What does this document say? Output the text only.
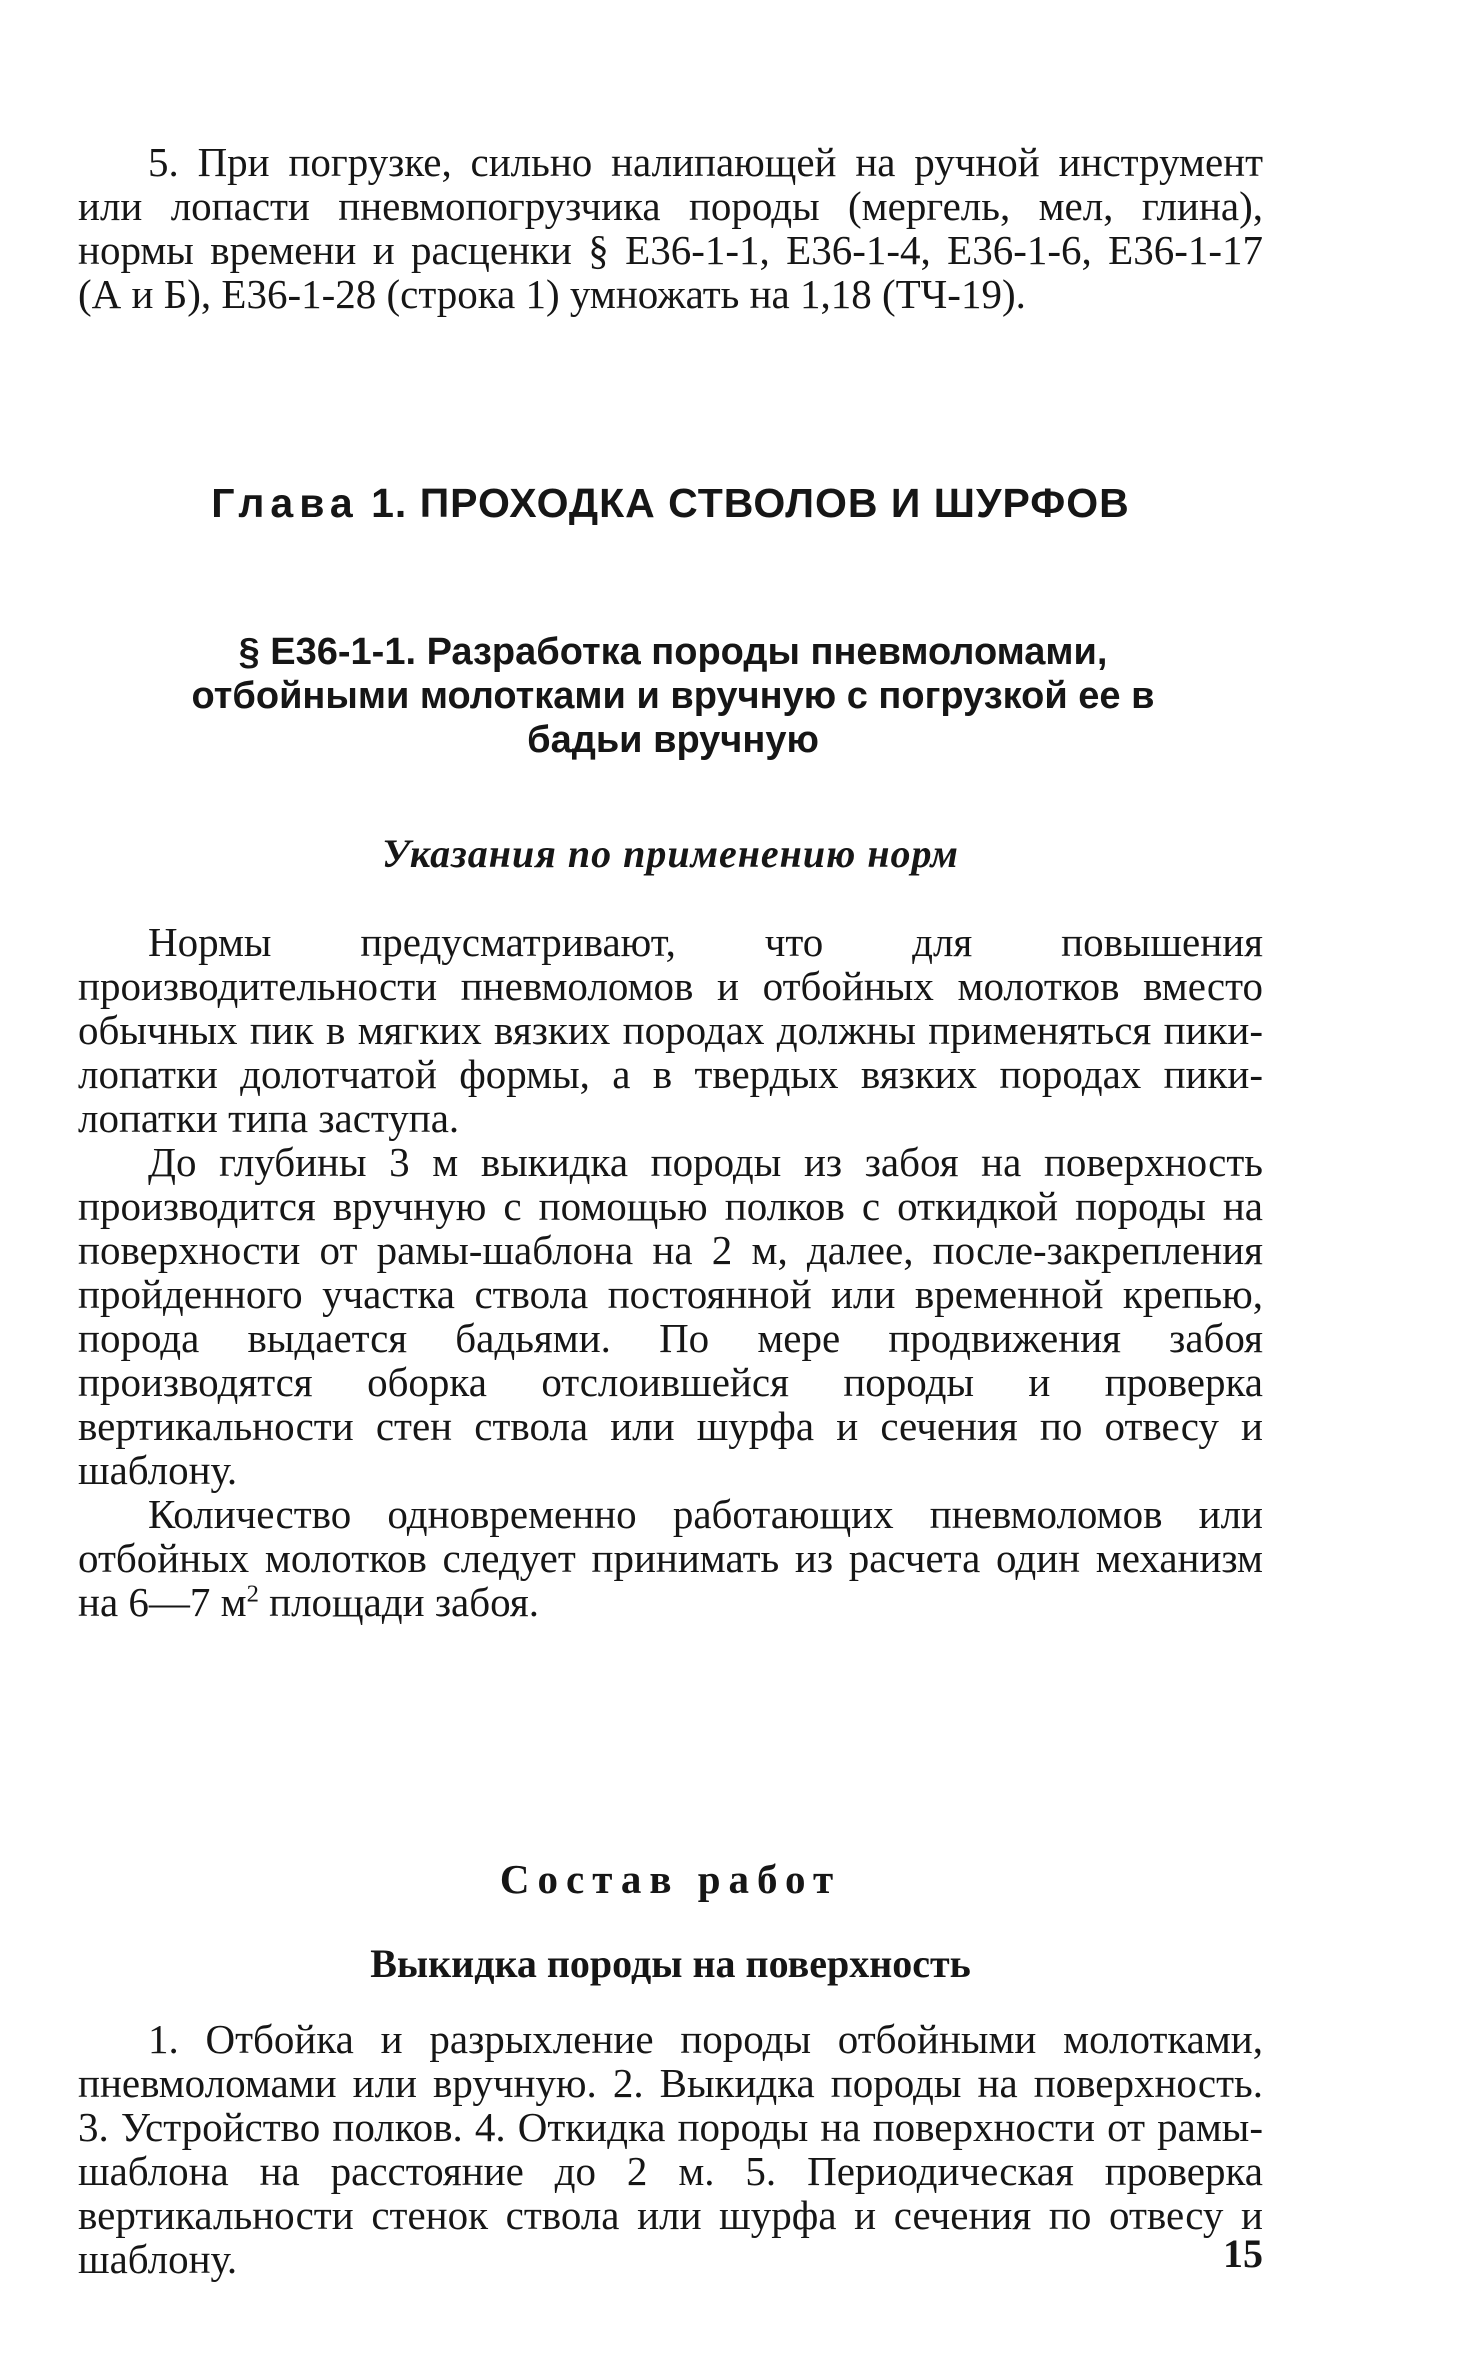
5. При погрузке, сильно налипающей на ручной инструмент или лопасти пневмопогрузчика породы (мергель, мел, глина), нормы времени и расценки § Е36-1-1, Е36-1-4, Е36-1-6, Е36-1-17 (А и Б), Е36-1-28 (строка 1) умножать на 1,18 (ТЧ-19).

Глава 1. ПРОХОДКА СТВОЛОВ И ШУРФОВ
§ Е36-1-1. Разработка породы пневмоломами, отбойными молотками и вручную с погрузкой ее в бадьи вручную
Указания по применению норм

Нормы предусматривают, что для повышения производительности пневмоломов и отбойных молотков вместо обычных пик в мягких вязких породах должны применяться пики-лопатки долотчатой формы, а в твердых вязких породах пики-лопатки типа заступа.

До глубины 3 м выкидка породы из забоя на поверхность производится вручную с помощью полков с откидкой породы на поверхности от рамы-шаблона на 2 м, далее, после-закрепления пройденного участка ствола постоянной или временной крепью, порода выдается бадьями. По мере продвижения забоя производятся оборка отслоившейся породы и проверка вертикальности стен ствола или шурфа и сечения по отвесу и шаблону.

Количество одновременно работающих пневмоломов или отбойных молотков следует принимать из расчета один механизм на 6—7 $м^2$ площади забоя.

Состав работ
Выкидка породы на поверхность

1. Отбойка и разрыхление породы отбойными молотками, пневмоломами или вручную. 2. Выкидка породы на поверхность. 3. Устройство полков. 4. Откидка породы на поверхности от рамы-шаблона на расстояние до 2 м. 5. Периодическая проверка вертикальности стенок ствола или шурфа и сечения по отвесу и шаблону.	15
